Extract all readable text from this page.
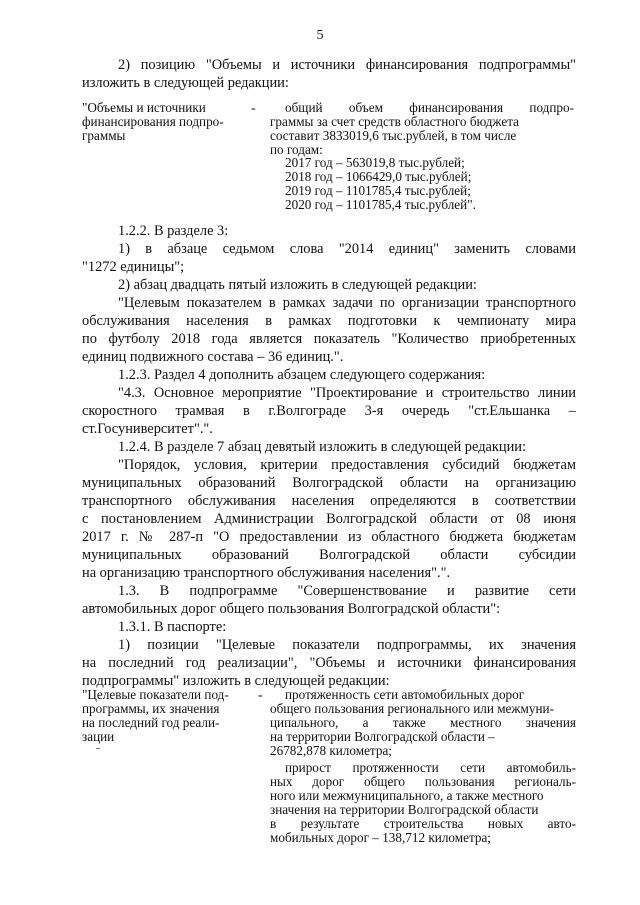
5
2) позицию "Объемы и источники финансирования подпрограммы"
изложить в следующей редакции:
"Объемы и источники
финансирования подпро-
граммы
- общий объем финансирования подпро-
граммы за счет средств областного бюджета
составит 3833019,6 тыс.рублей, в том числе
по годам:
2017 год – 563019,8 тыс.рублей;
2018 год – 1066429,0 тыс.рублей;
2019 год – 1101785,4 тыс.рублей;
2020 год – 1101785,4 тыс.рублей".
1.2.2. В разделе 3:
1) в абзаце седьмом слова "2014 единиц" заменить словами
"1272 единицы";
2) абзац двадцать пятый изложить в следующей редакции:
"Целевым показателем в рамках задачи по организации транспортного
обслуживания населения в рамках подготовки к чемпионату мира
по футболу 2018 года является показатель "Количество приобретенных
единиц подвижного состава – 36 единиц.".
1.2.3. Раздел 4 дополнить абзацем следующего содержания:
"4.3. Основное мероприятие "Проектирование и строительство линии
скоростного трамвая в г.Волгограде 3-я очередь "ст.Ельшанка –
ст.Госуниверситет".".
1.2.4. В разделе 7 абзац девятый изложить в следующей редакции:
"Порядок, условия, критерии предоставления субсидий бюджетам
муниципальных образований Волгоградской области на организацию
транспортного обслуживания населения определяются в соответствии
с постановлением Администрации Волгоградской области от 08 июня
2017 г. № 287-п "О предоставлении из областного бюджета бюджетам
муниципальных образований Волгоградской области субсидии
на организацию транспортного обслуживания населения".".
1.3. В подпрограмме "Совершенствование и развитие сети
автомобильных дорог общего пользования Волгоградской области":
1.3.1. В паспорте:
1) позиции "Целевые показатели подпрограммы, их значения
на последний год реализации", "Объемы и источники финансирования
подпрограммы" изложить в следующей редакции:
"Целевые показатели под-
программы, их значения
на последний год реали-
зации
- протяженность сети автомобильных дорог
общего пользования регионального или межмуни-
ципального, а также местного значения
на территории Волгоградской области –
26782,878 километра;
прирост протяженности сети автомобиль-
ных дорог общего пользования региональ-
ного или межмуниципального, а также местного
значения на территории Волгоградской области
в результате строительства новых авто-
мобильных дорог – 138,712 километра;
